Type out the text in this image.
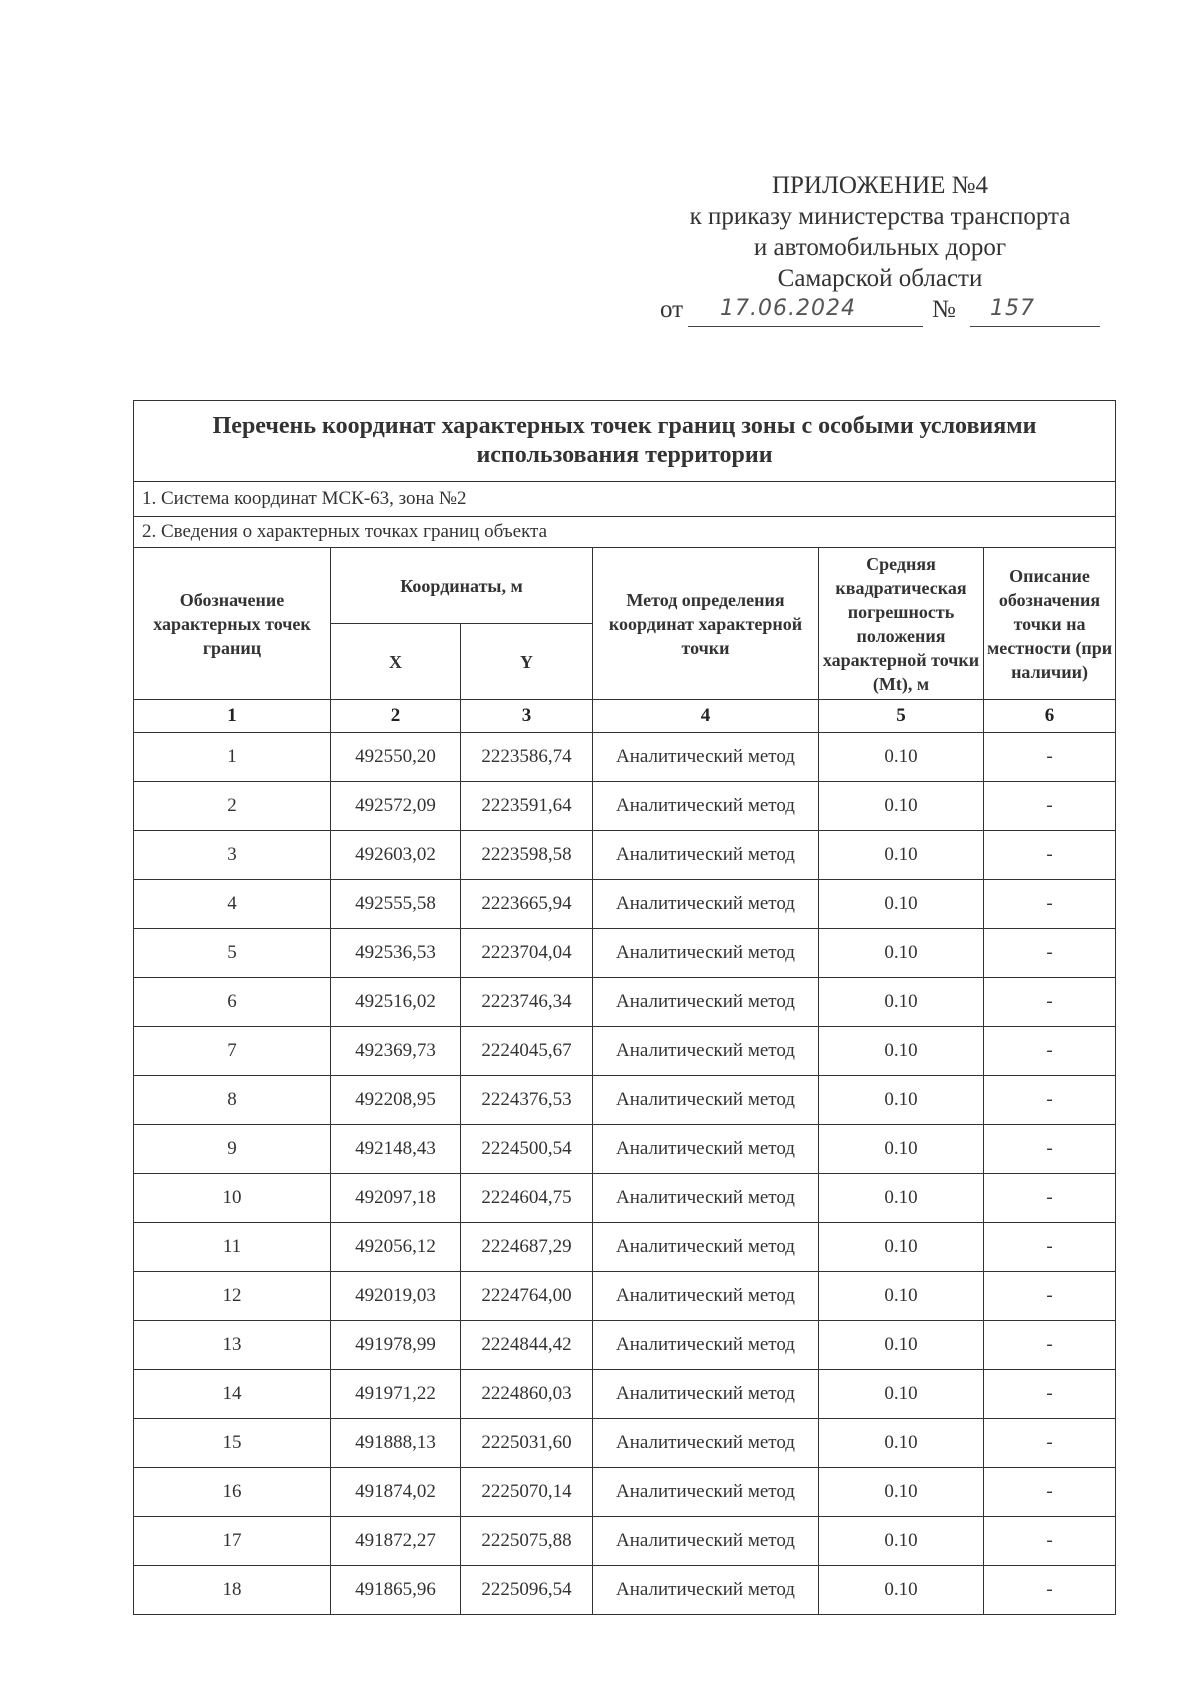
ПРИЛОЖЕНИЕ №4
к приказу министерства транспорта
и автомобильных дорог
Самарской области
от 17.06.2024	№ 157
Перечень координат характерных точек границ зоны с особыми условиями использования территории					
1. Система координат МСК-63, зона №2					
2. Сведения о характерных точках границ объекта					
Обозначение характерных точек границ	Координаты, м		Метод определения координат характерной точки	Средняя квадратическая погрешность положения характерной точки (Mt), м	Описание обозначения точки на местности (при наличии)
	X	Y			
1	2	3	4	5	6
1	492550,20	2223586,74	Аналитический метод	0.10	-
2	492572,09	2223591,64	Аналитический метод	0.10	-
3	492603,02	2223598,58	Аналитический метод	0.10	-
4	492555,58	2223665,94	Аналитический метод	0.10	-
5	492536,53	2223704,04	Аналитический метод	0.10	-
6	492516,02	2223746,34	Аналитический метод	0.10	-
7	492369,73	2224045,67	Аналитический метод	0.10	-
8	492208,95	2224376,53	Аналитический метод	0.10	-
9	492148,43	2224500,54	Аналитический метод	0.10	-
10	492097,18	2224604,75	Аналитический метод	0.10	-
11	492056,12	2224687,29	Аналитический метод	0.10	-
12	492019,03	2224764,00	Аналитический метод	0.10	-
13	491978,99	2224844,42	Аналитический метод	0.10	-
14	491971,22	2224860,03	Аналитический метод	0.10	-
15	491888,13	2225031,60	Аналитический метод	0.10	-
16	491874,02	2225070,14	Аналитический метод	0.10	-
17	491872,27	2225075,88	Аналитический метод	0.10	-
18	491865,96	2225096,54	Аналитический метод	0.10	-
